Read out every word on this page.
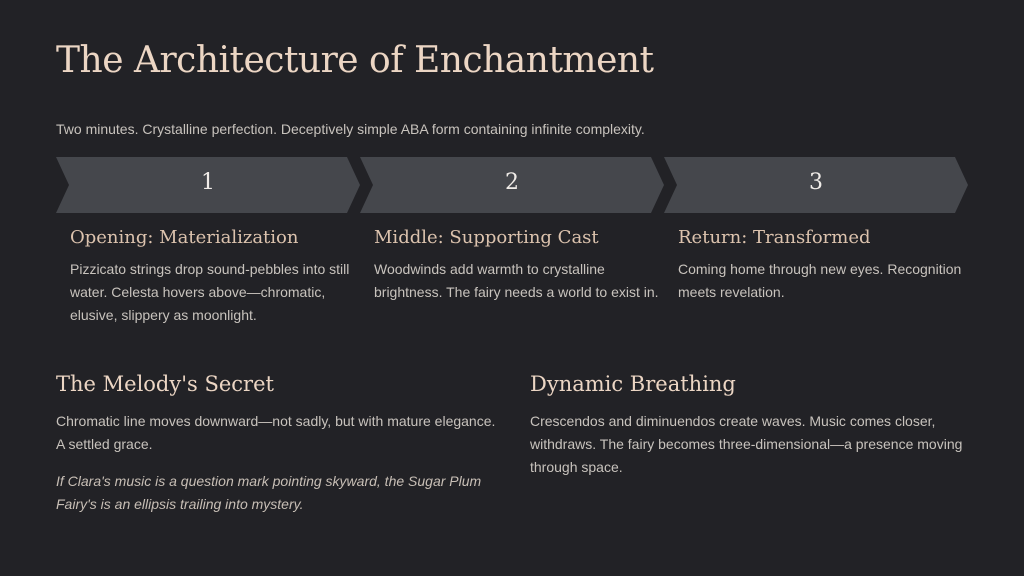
The Architecture of Enchantment
Two minutes. Crystalline perfection. Deceptively simple ABA form containing infinite complexity.
1	2	3
Opening: Materialization

Pizzicato strings drop sound-pebbles into still water. Celesta hovers above—chromatic, elusive, slippery as moonlight.

Middle: Supporting Cast

Woodwinds add warmth to crystalline brightness. The fairy needs a world to exist in.

Return: Transformed

Coming home through new eyes. Recognition meets revelation.

The Melody's Secret

Chromatic line moves downward—not sadly, but with mature elegance. A settled grace.

If Clara's music is a question mark pointing skyward, the Sugar Plum Fairy's is an ellipsis trailing into mystery.

Dynamic Breathing

Crescendos and diminuendos create waves. Music comes closer, withdraws. The fairy becomes three-dimensional—a presence moving through space.
